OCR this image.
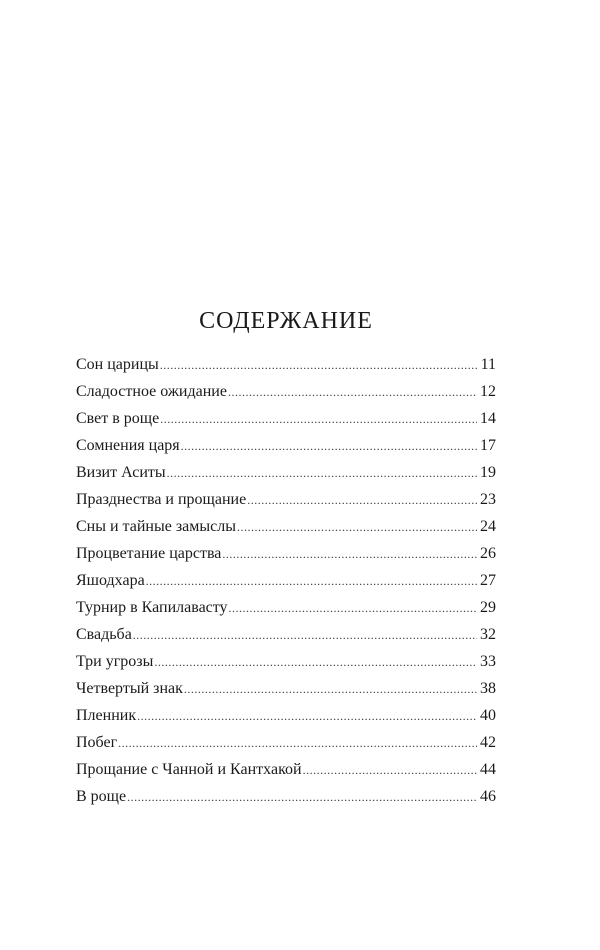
СОДЕРЖАНИЕ
Сон царицы .....	11
Сладостное ожидание .....	12
Свет в роще .....	14
Сомнения царя .....	17
Визит Аситы .....	19
Празднества и прощание .....	23
Сны и тайные замыслы .....	24
Процветание царства .....	26
Яшодхара .....	27
Турнир в Капилавасту .....	29
Свадьба .....	32
Три угрозы .....	33
Четвертый знак .....	38
Пленник .....	40
Побег .....	42
Прощание с Чанной и Кантхакой .....	44
В роще .....	46
